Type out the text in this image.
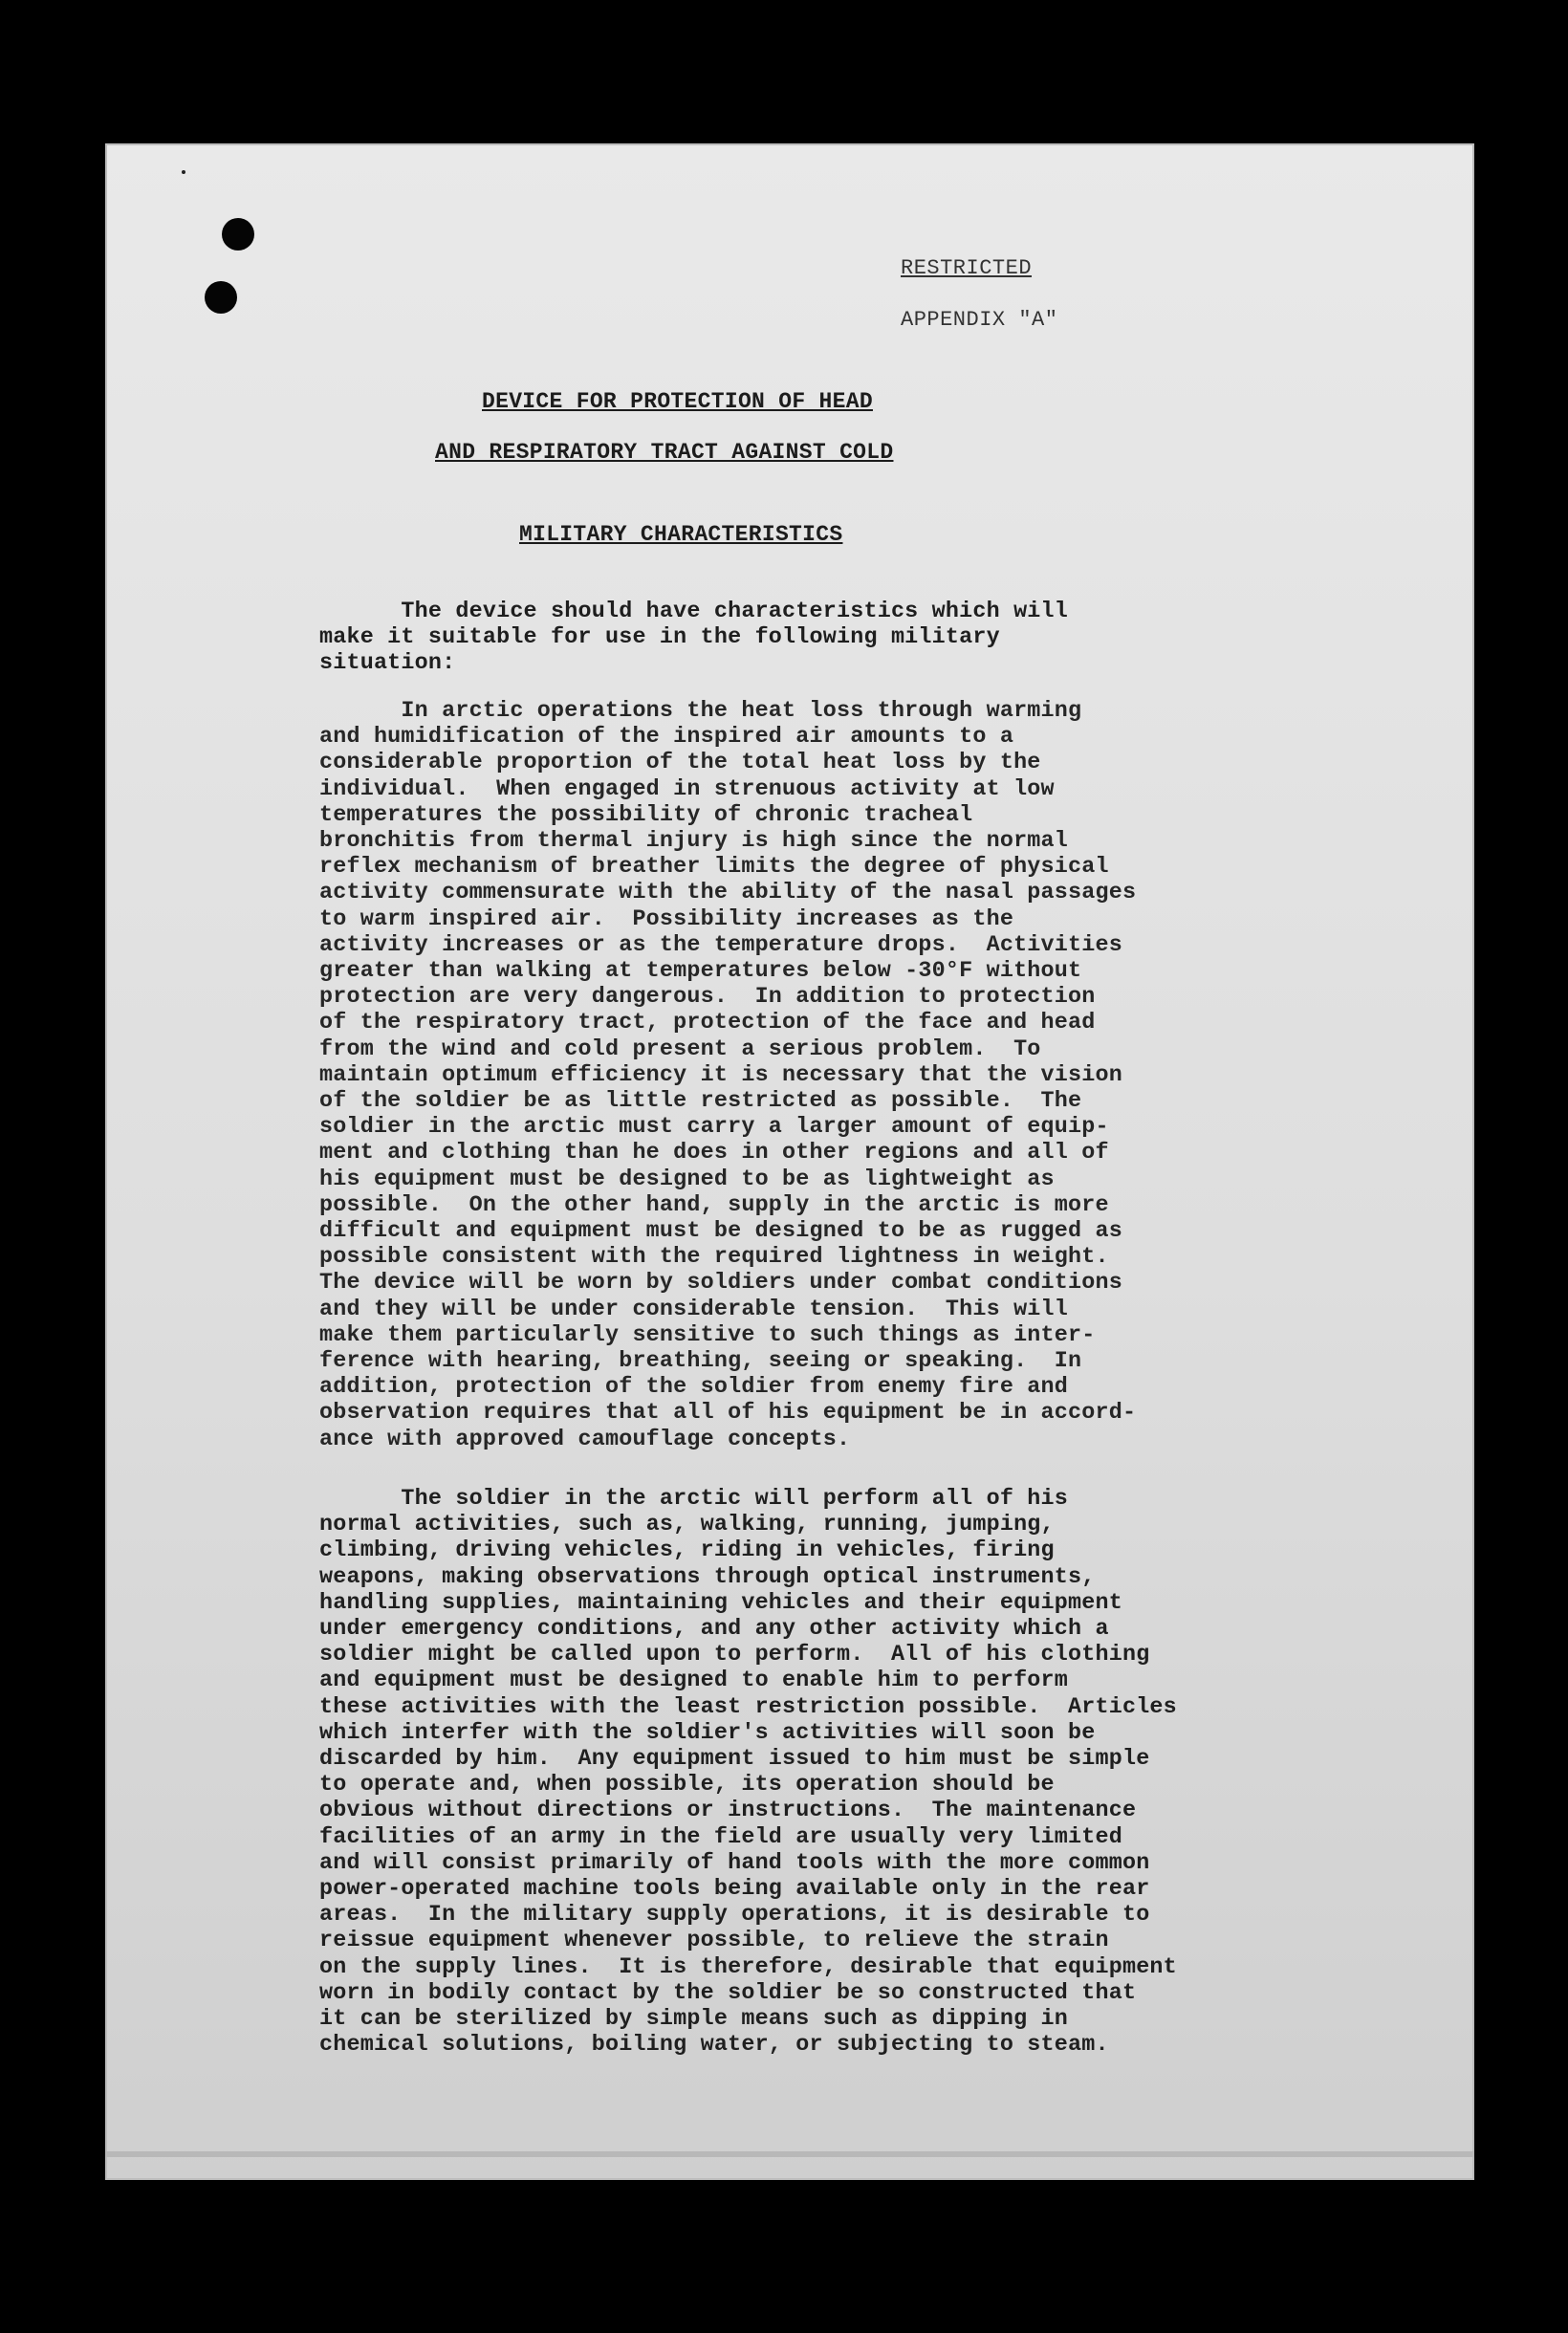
RESTRICTED
APPENDIX "A"
DEVICE FOR PROTECTION OF HEAD
AND RESPIRATORY TRACT AGAINST COLD
MILITARY CHARACTERISTICS
The device should have characteristics which will
make it suitable for use in the following military
situation:
In arctic operations the heat loss through warming
and humidification of the inspired air amounts to a
considerable proportion of the total heat loss by the
individual.  When engaged in strenuous activity at low
temperatures the possibility of chronic tracheal
bronchitis from thermal injury is high since the normal
reflex mechanism of breather limits the degree of physical
activity commensurate with the ability of the nasal passages
to warm inspired air.  Possibility increases as the
activity increases or as the temperature drops.  Activities
greater than walking at temperatures below -30°F without
protection are very dangerous.  In addition to protection
of the respiratory tract, protection of the face and head
from the wind and cold present a serious problem.  To
maintain optimum efficiency it is necessary that the vision
of the soldier be as little restricted as possible.  The
soldier in the arctic must carry a larger amount of equip-
ment and clothing than he does in other regions and all of
his equipment must be designed to be as lightweight as
possible.  On the other hand, supply in the arctic is more
difficult and equipment must be designed to be as rugged as
possible consistent with the required lightness in weight.
The device will be worn by soldiers under combat conditions
and they will be under considerable tension.  This will
make them particularly sensitive to such things as inter-
ference with hearing, breathing, seeing or speaking.  In
addition, protection of the soldier from enemy fire and
observation requires that all of his equipment be in accord-
ance with approved camouflage concepts.
The soldier in the arctic will perform all of his
normal activities, such as, walking, running, jumping,
climbing, driving vehicles, riding in vehicles, firing
weapons, making observations through optical instruments,
handling supplies, maintaining vehicles and their equipment
under emergency conditions, and any other activity which a
soldier might be called upon to perform.  All of his clothing
and equipment must be designed to enable him to perform
these activities with the least restriction possible.  Articles
which interfer with the soldier's activities will soon be
discarded by him.  Any equipment issued to him must be simple
to operate and, when possible, its operation should be
obvious without directions or instructions.  The maintenance
facilities of an army in the field are usually very limited
and will consist primarily of hand tools with the more common
power-operated machine tools being available only in the rear
areas.  In the military supply operations, it is desirable to
reissue equipment whenever possible, to relieve the strain
on the supply lines.  It is therefore, desirable that equipment
worn in bodily contact by the soldier be so constructed that
it can be sterilized by simple means such as dipping in
chemical solutions, boiling water, or subjecting to steam.
